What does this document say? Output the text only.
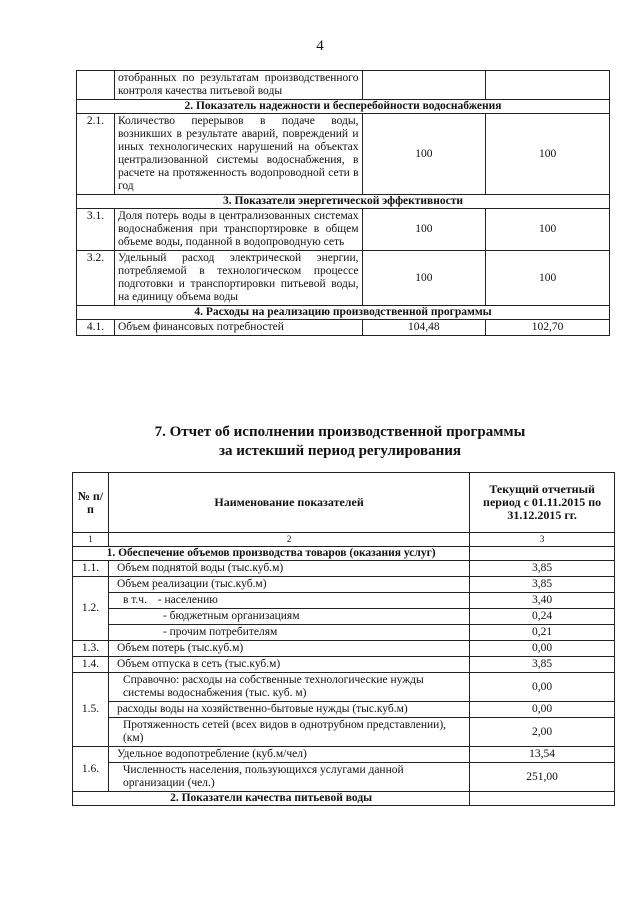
4
	отобранных по результатам производственного контроля качества питьевой воды		
2. Показатель надежности и бесперебойности водоснабжения			
2.1.	Количество перерывов в подаче воды, возникших в результате аварий, повреждений и иных технологических нарушений на объектах централизованной системы водоснабжения, в расчете на протяженность водопроводной сети в год	100	100
3. Показатели энергетической эффективности			
3.1.	Доля потерь воды в централизованных системах водоснабжения при транспортировке в общем объеме воды, поданной в водопроводную сеть	100	100
3.2.	Удельный расход электрической энергии, потребляемой в технологическом процессе подготовки и транспортировки питьевой воды, на единицу объема воды	100	100
4. Расходы на реализацию производственной программы			
4.1.	Объем финансовых потребностей	104,48	102,70
7. Отчет об исполнении производственной программы
за истекший период регулирования
№ п/п	Наименование показателей	Текущий отчетный период с 01.11.2015 по 31.12.2015 гг.
1	2	3
1. Обеспечение объемов производства товаров (оказания услуг)		
1.1.	Объем поднятой воды (тыс.куб.м)	3,85
1.2.	Объем реализации (тыс.куб.м)	3,85
	в т.ч. - населению	3,40
	- бюджетным организациям	0,24
	- прочим потребителям	0,21
1.3.	Объем потерь (тыс.куб.м)	0,00
1.4.	Объем отпуска в сеть (тыс.куб.м)	3,85
1.5.	Справочно: расходы на собственные технологические нужды системы водоснабжения (тыс. куб. м)	0,00
	расходы воды на хозяйственно-бытовые нужды (тыс.куб.м)	0,00
	Протяженность сетей (всех видов в однотрубном представлении), (км)	2,00
1.6.	Удельное водопотребление (куб.м/чел)	13,54
	Численность населения, пользующихся услугами данной организации (чел.)	251,00
2. Показатели качества питьевой воды		
